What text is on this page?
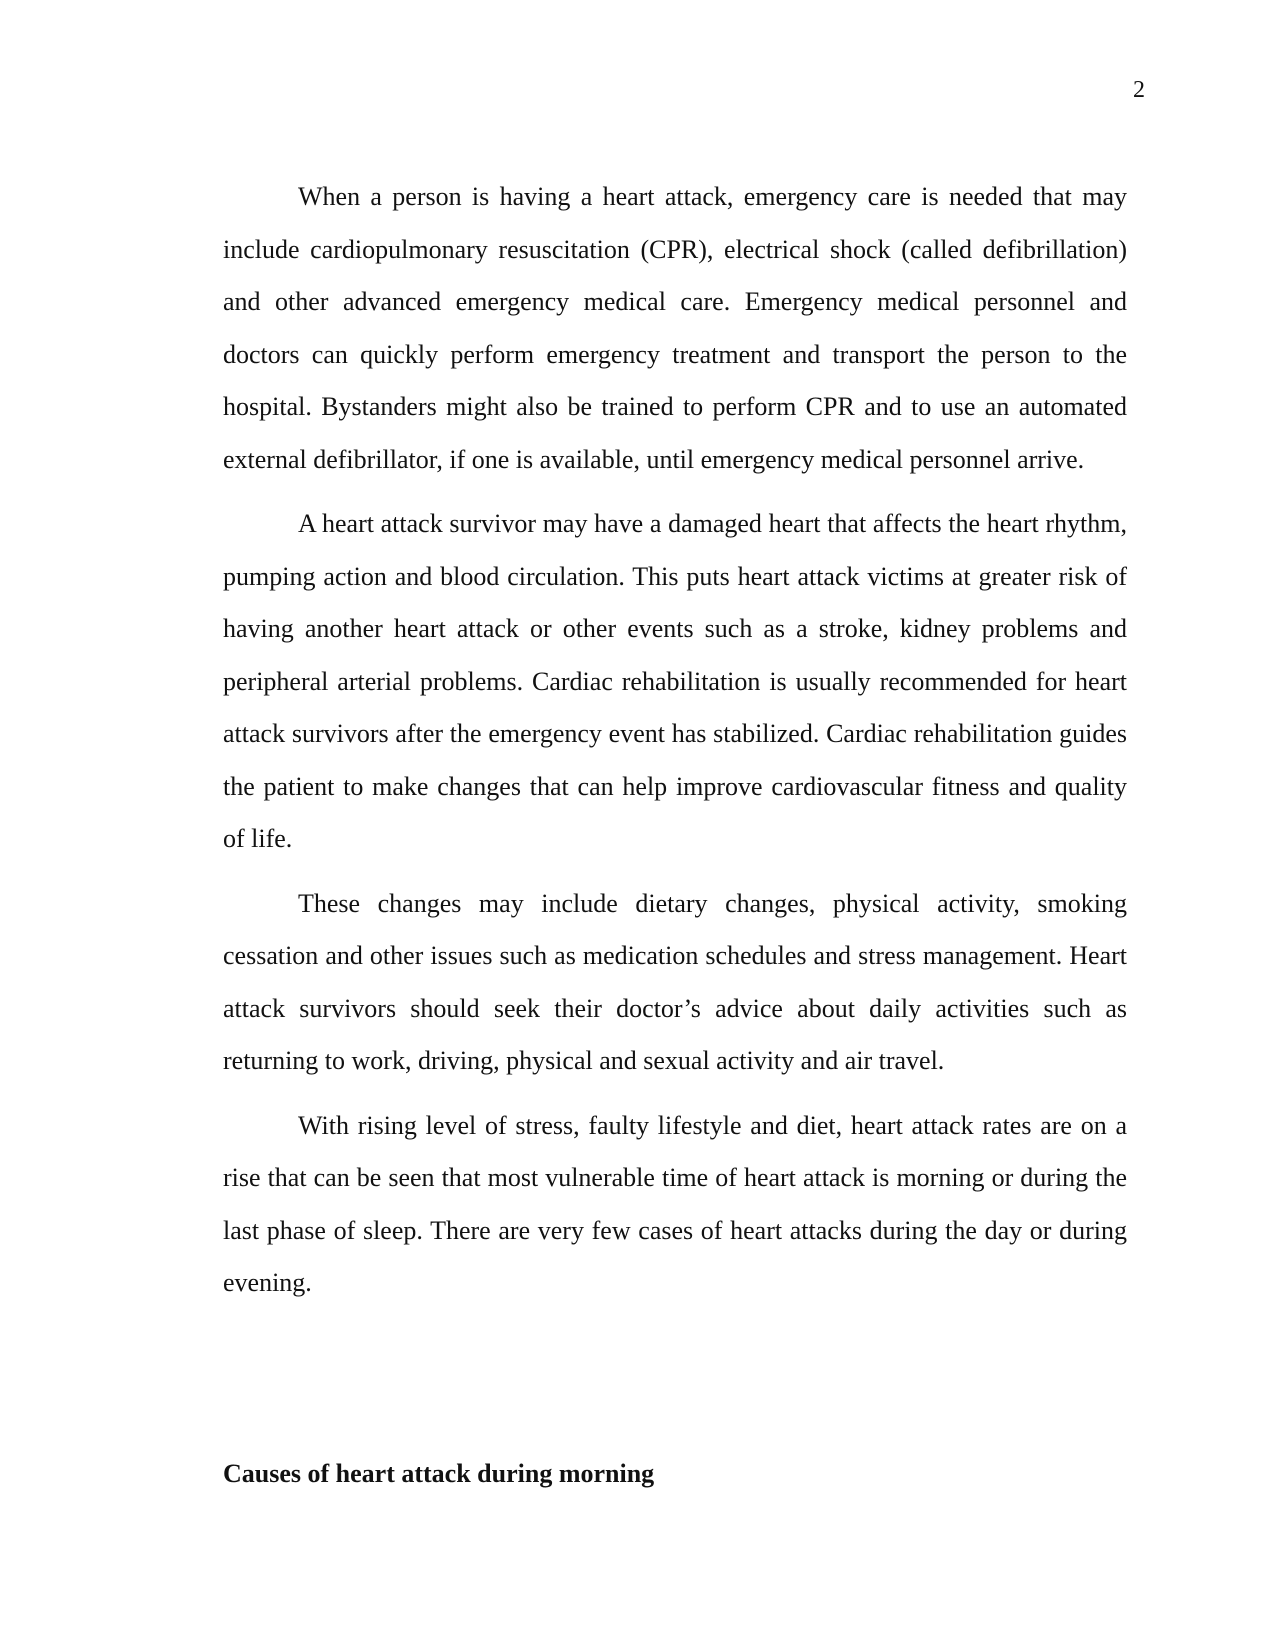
2

When a person is having a heart attack, emergency care is needed that may include cardiopulmonary resuscitation (CPR), electrical shock (called defibrillation) and other advanced emergency medical care. Emergency medical personnel and doctors can quickly perform emergency treatment and transport the person to the hospital. Bystanders might also be trained to perform CPR and to use an automated external defibrillator, if one is available, until emergency medical personnel arrive.

A heart attack survivor may have a damaged heart that affects the heart rhythm, pumping action and blood circulation. This puts heart attack victims at greater risk of having another heart attack or other events such as a stroke, kidney problems and peripheral arterial problems. Cardiac rehabilitation is usually recommended for heart attack survivors after the emergency event has stabilized. Cardiac rehabilitation guides the patient to make changes that can help improve cardiovascular fitness and quality of life.

These changes may include dietary changes, physical activity, smoking cessation and other issues such as medication schedules and stress management. Heart attack survivors should seek their doctor’s advice about daily activities such as returning to work, driving, physical and sexual activity and air travel.

With rising level of stress, faulty lifestyle and diet, heart attack rates are on a rise that can be seen that most vulnerable time of heart attack is morning or during the last phase of sleep. There are very few cases of heart attacks during the day or during evening.

Causes of heart attack during morning
